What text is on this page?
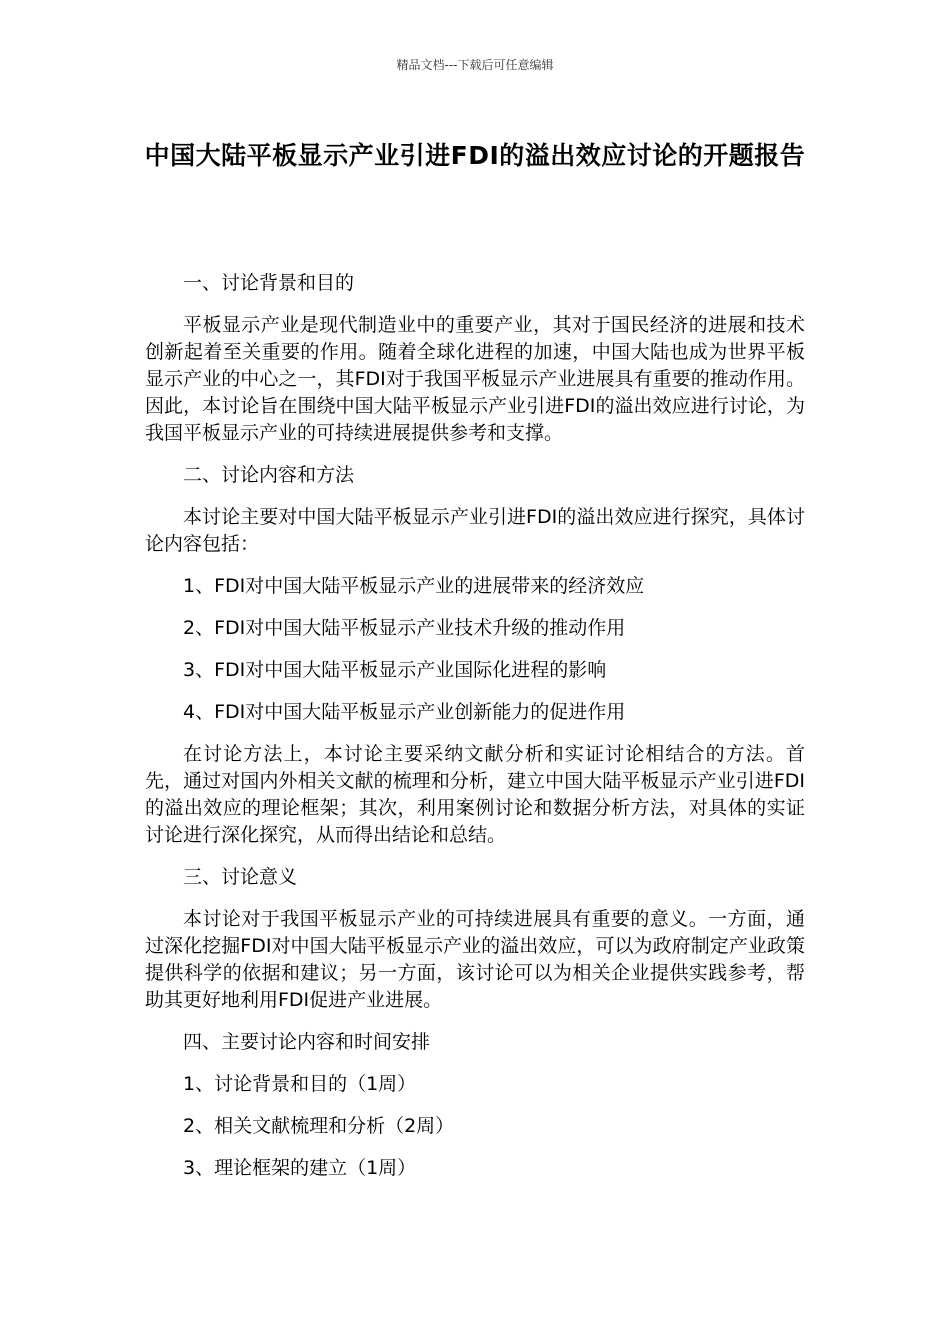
精品文档---下载后可任意编辑
中国大陆平板显示产业引进FDI的溢出效应讨论的开题报告
一、讨论背景和目的

平板显示产业是现代制造业中的重要产业，其对于国民经济的进展和技术创新起着至关重要的作用。随着全球化进程的加速，中国大陆也成为世界平板显示产业的中心之一，其FDI对于我国平板显示产业进展具有重要的推动作用。因此，本讨论旨在围绕中国大陆平板显示产业引进FDI的溢出效应进行讨论，为我国平板显示产业的可持续进展提供参考和支撑。

二、讨论内容和方法

本讨论主要对中国大陆平板显示产业引进FDI的溢出效应进行探究，具体讨论内容包括：

1、FDI对中国大陆平板显示产业的进展带来的经济效应
2、FDI对中国大陆平板显示产业技术升级的推动作用
3、FDI对中国大陆平板显示产业国际化进程的影响
4、FDI对中国大陆平板显示产业创新能力的促进作用

在讨论方法上，本讨论主要采纳文献分析和实证讨论相结合的方法。首先，通过对国内外相关文献的梳理和分析，建立中国大陆平板显示产业引进FDI的溢出效应的理论框架；其次，利用案例讨论和数据分析方法，对具体的实证讨论进行深化探究，从而得出结论和总结。

三、讨论意义

本讨论对于我国平板显示产业的可持续进展具有重要的意义。一方面，通过深化挖掘FDI对中国大陆平板显示产业的溢出效应，可以为政府制定产业政策提供科学的依据和建议；另一方面，该讨论可以为相关企业提供实践参考，帮助其更好地利用FDI促进产业进展。

四、主要讨论内容和时间安排
1、讨论背景和目的（1周）
2、相关文献梳理和分析（2周）
3、理论框架的建立（1周）
